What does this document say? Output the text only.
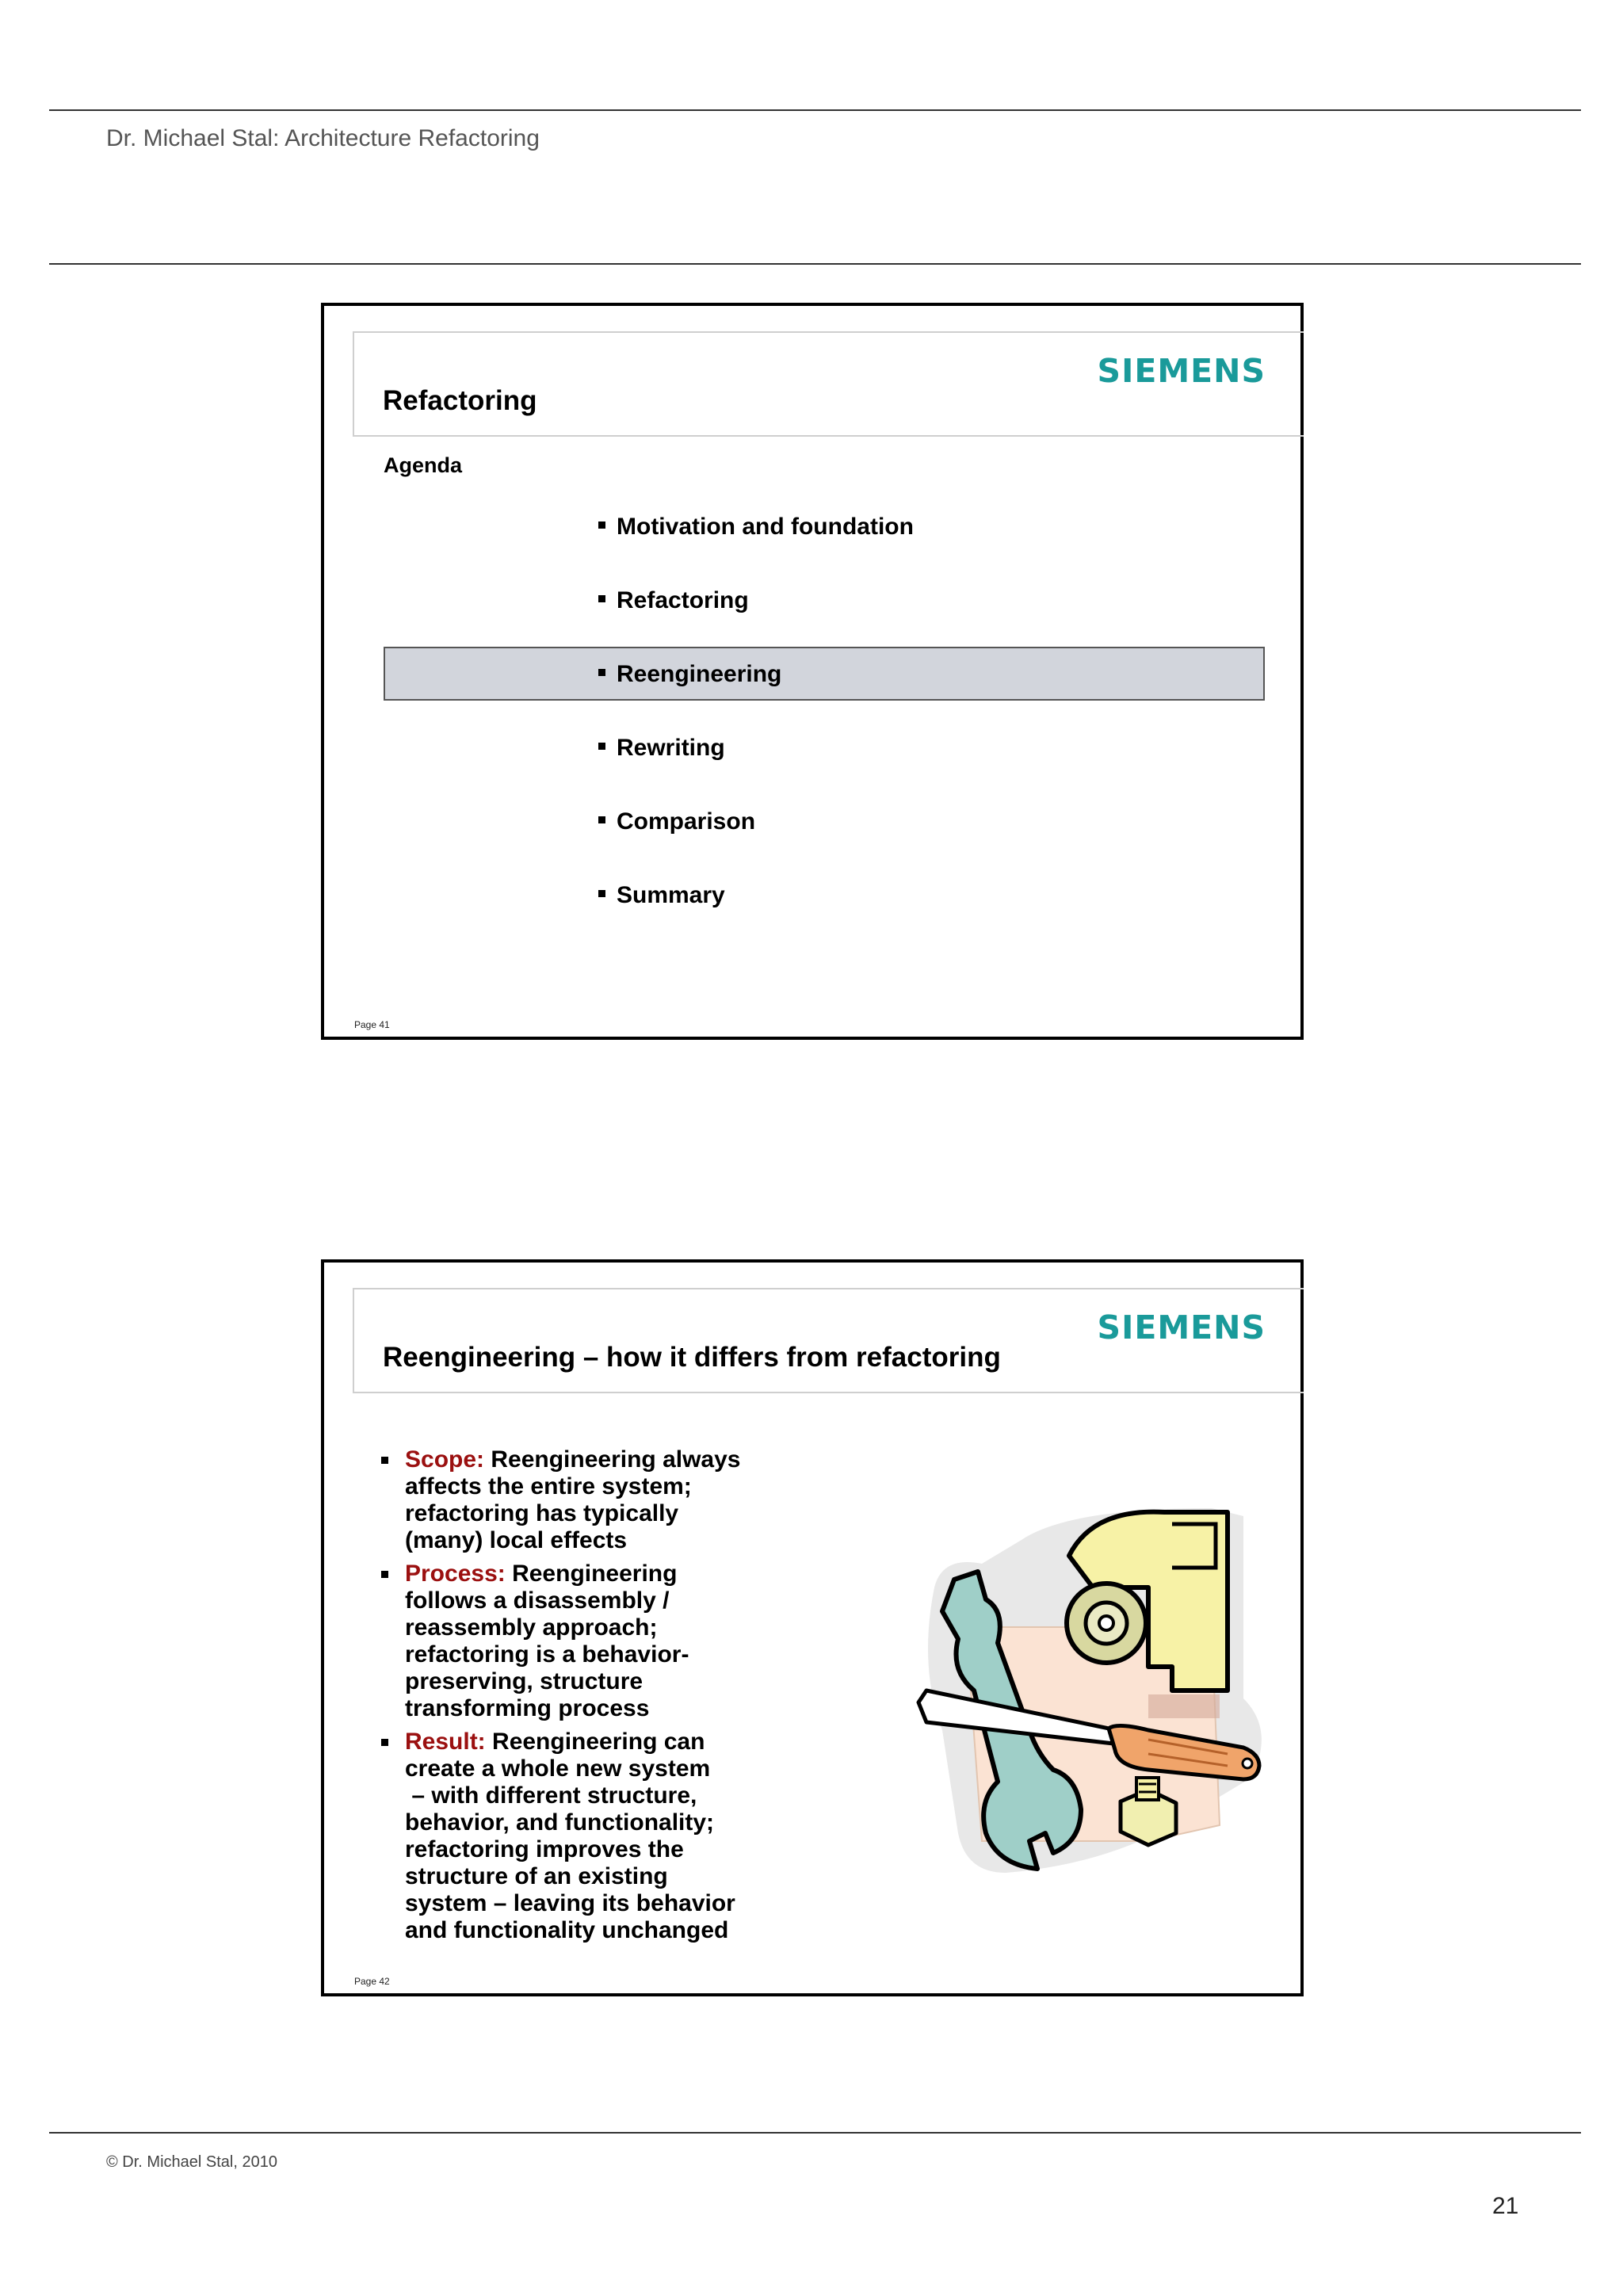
Dr. Michael Stal: Architecture Refactoring
SIEMENS
Refactoring
Agenda
Motivation and foundation
Refactoring
Reengineering
Rewriting
Comparison
Summary
Page 41
SIEMENS
Reengineering – how it differs from refactoring
Scope: Reengineering always
affects the entire system;
refactoring has typically
(many) local effects
Process: Reengineering
follows a disassembly /
reassembly approach;
refactoring is a behavior-
preserving, structure
transforming process
Result: Reengineering can
create a whole new system
– with different structure,
behavior, and functionality;
refactoring improves the
structure of an existing
system – leaving its behavior
and functionality unchanged
Page 42
© Dr. Michael Stal, 2010
21
